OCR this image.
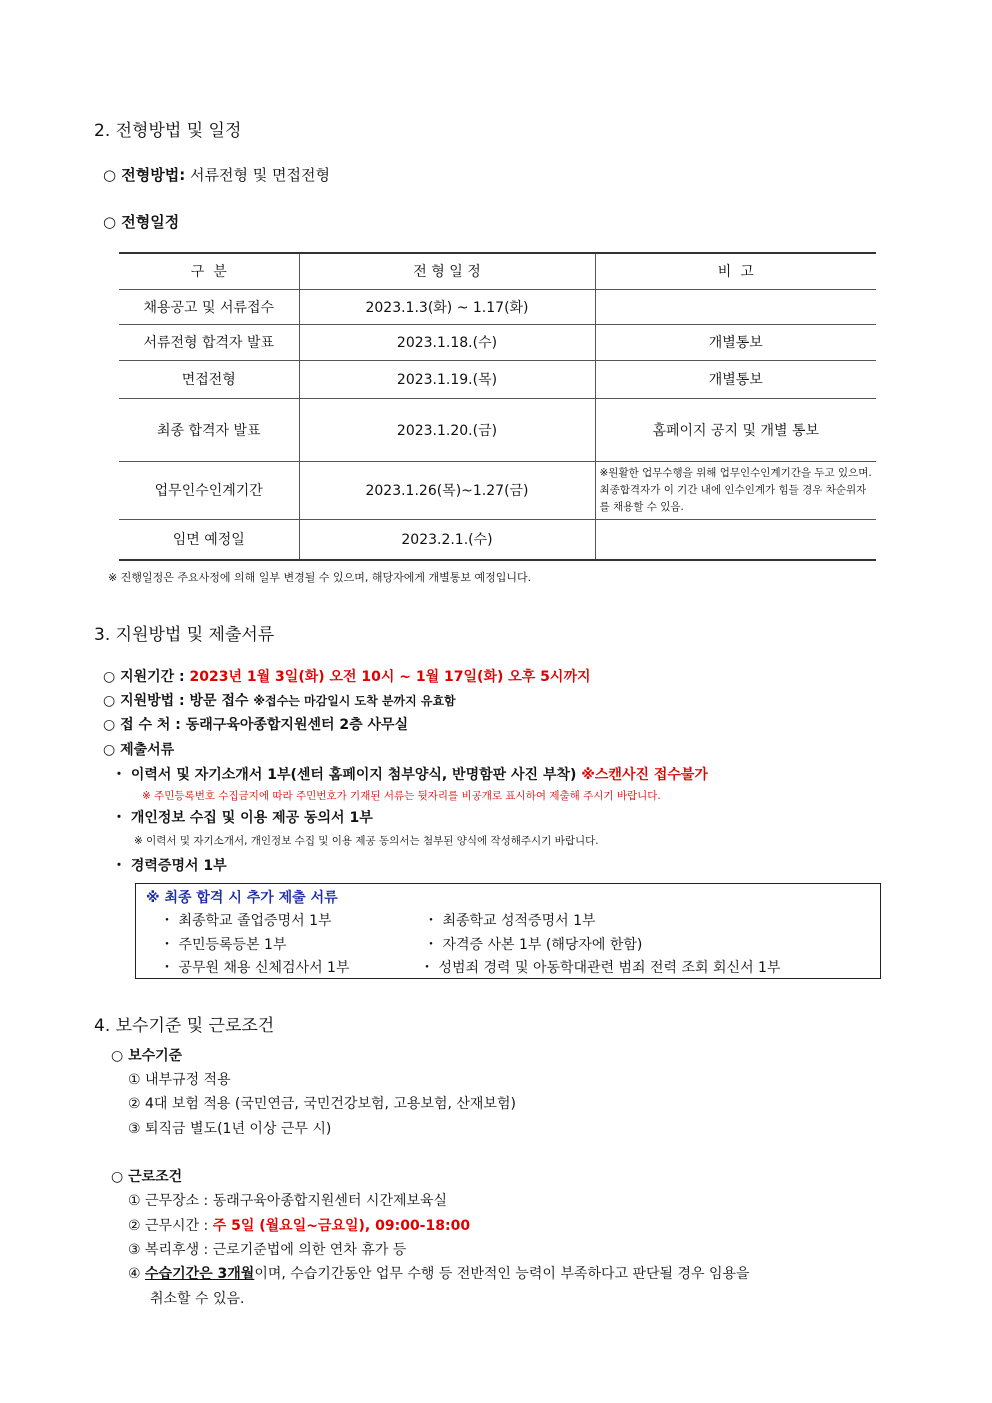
2. 전형방법 및 일정
○ 전형방법: 서류전형 및 면접전형
○ 전형일정
구  분	전 형 일 정	비  고
채용공고 및 서류접수	2023.1.3(화) ~ 1.17(화)	
서류전형 합격자 발표	2023.1.18.(수)	개별통보
면접전형	2023.1.19.(목)	개별통보
최종 합격자 발표	2023.1.20.(금)	홈페이지 공지 및 개별 통보
업무인수인계기간	2023.1.26(목)~1.27(금)	※원활한 업무수행을 위해 업무인수인계기간을 두고 있으며.최종합격자가 이 기간 내에 인수인계가 힘들 경우 차순위자를 채용할 수 있음.
임면 예정일	2023.2.1.(수)	
※ 진행일정은 주요사정에 의해 일부 변경될 수 있으며, 해당자에게 개별통보 예정입니다.
3. 지원방법 및 제출서류
○ 지원기간 : 2023년 1월 3일(화) 오전 10시 ~ 1월 17일(화) 오후 5시까지
○ 지원방법 : 방문 접수 ※접수는 마감일시 도착 분까지 유효함
○ 접 수 처 : 동래구육아종합지원센터 2층 사무실
○ 제출서류
・ 이력서 및 자기소개서 1부(센터 홈페이지 첨부양식, 반명함판 사진 부착) ※스캔사진 접수불가
※ 주민등록번호 수집금지에 따라 주민번호가 기재된 서류는 뒷자리를 비공개로 표시하여 제출해 주시기 바랍니다.
・ 개인정보 수집 및 이용 제공 동의서 1부
※ 이력서 및 자기소개서, 개인정보 수집 및 이용 제공 동의서는 첨부된 양식에 작성해주시기 바랍니다.
・ 경력증명서 1부
※ 최종 합격 시 추가 제출 서류
・ 최종학교 졸업증명서 1부
・ 주민등록등본 1부
・ 공무원 채용 신체검사서 1부
・ 최종학교 성적증명서 1부
・ 자격증 사본 1부 (해당자에 한함)
・ 성범죄 경력 및 아동학대관련 범죄 전력 조회 회신서 1부
4. 보수기준 및 근로조건
○ 보수기준
① 내부규정 적용
② 4대 보험 적용 (국민연금, 국민건강보험, 고용보험, 산재보험)
③ 퇴직금 별도(1년 이상 근무 시)
○ 근로조건
① 근무장소 : 동래구육아종합지원센터 시간제보육실
② 근무시간 : 주 5일 (월요일~금요일), 09:00-18:00
③ 복리후생 : 근로기준법에 의한 연차 휴가 등
④ 수습기간은 3개월이며, 수습기간동안 업무 수행 등 전반적인 능력이 부족하다고 판단될 경우 임용을
취소할 수 있음.
